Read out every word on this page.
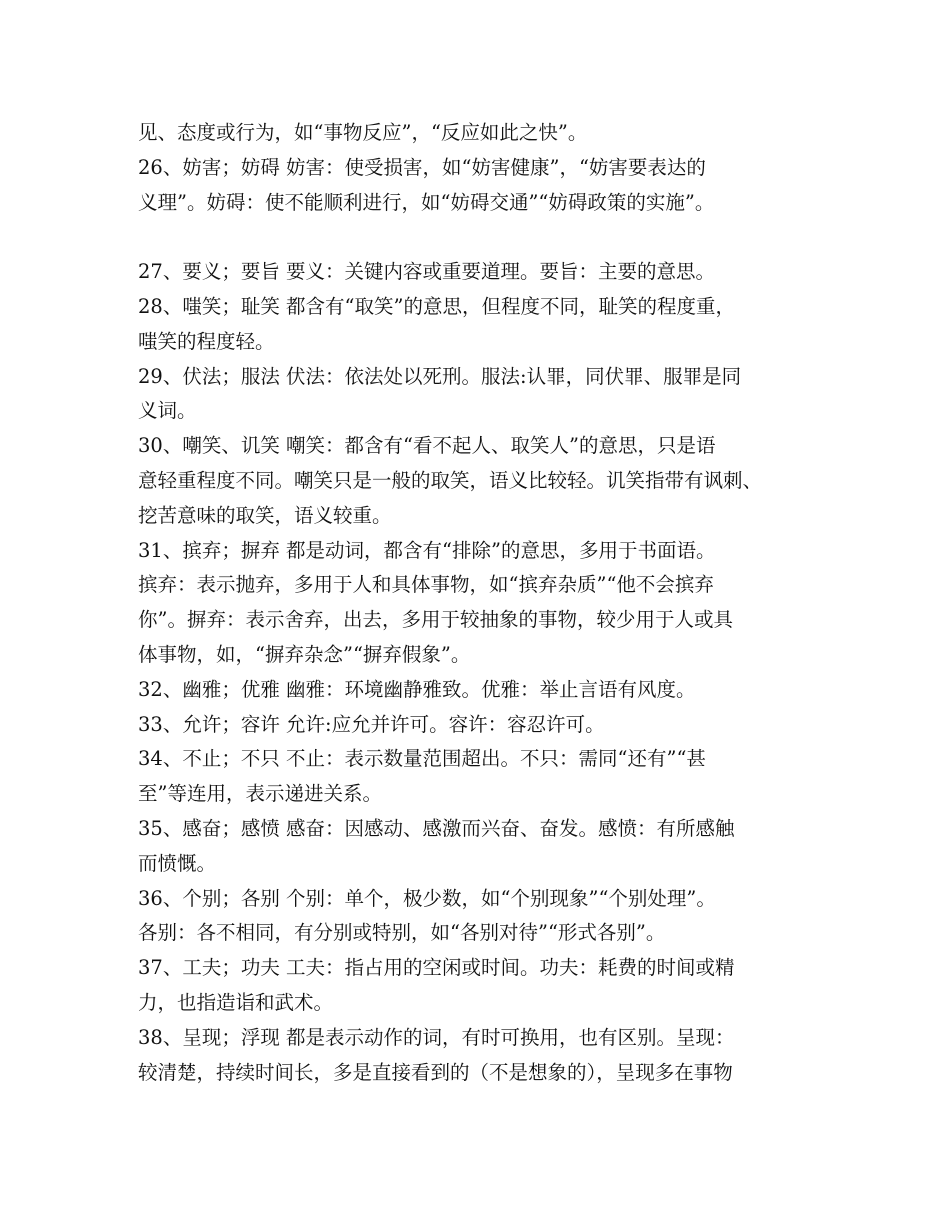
见、态度或行为，如“事物反应”，“反应如此之快”。
26、妨害；妨碍 妨害：使受损害，如“妨害健康”，“妨害要表达的
义理”。妨碍：使不能顺利进行，如“妨碍交通”“妨碍政策的实施”。
27、要义；要旨 要义：关键内容或重要道理。要旨：主要的意思。
28、嗤笑；耻笑 都含有“取笑”的意思，但程度不同，耻笑的程度重，
嗤笑的程度轻。
29、伏法；服法 伏法：依法处以死刑。服法:认罪，同伏罪、服罪是同
义词。
30、嘲笑、讥笑 嘲笑：都含有“看不起人、取笑人”的意思，只是语
意轻重程度不同。嘲笑只是一般的取笑，语义比较轻。讥笑指带有讽刺、
挖苦意味的取笑，语义较重。
31、摈弃；摒弃 都是动词，都含有“排除”的意思，多用于书面语。
摈弃：表示抛弃，多用于人和具体事物，如“摈弃杂质”“他不会摈弃
你”。摒弃：表示舍弃，出去，多用于较抽象的事物，较少用于人或具
体事物，如，“摒弃杂念”“摒弃假象”。
32、幽雅；优雅 幽雅：环境幽静雅致。优雅：举止言语有风度。
33、允许；容许 允许:应允并许可。容许：容忍许可。
34、不止；不只 不止：表示数量范围超出。不只：需同“还有”“甚
至”等连用，表示递进关系。
35、感奋；感愤 感奋：因感动、感激而兴奋、奋发。感愤：有所感触
而愤慨。
36、个别；各别 个别：单个，极少数，如“个别现象”“个别处理”。
各别：各不相同，有分别或特别，如“各别对待”“形式各别”。
37、工夫；功夫 工夫：指占用的空闲或时间。功夫：耗费的时间或精
力，也指造诣和武术。
38、呈现；浮现 都是表示动作的词，有时可换用，也有区别。呈现：
较清楚，持续时间长，多是直接看到的（不是想象的），呈现多在事物
